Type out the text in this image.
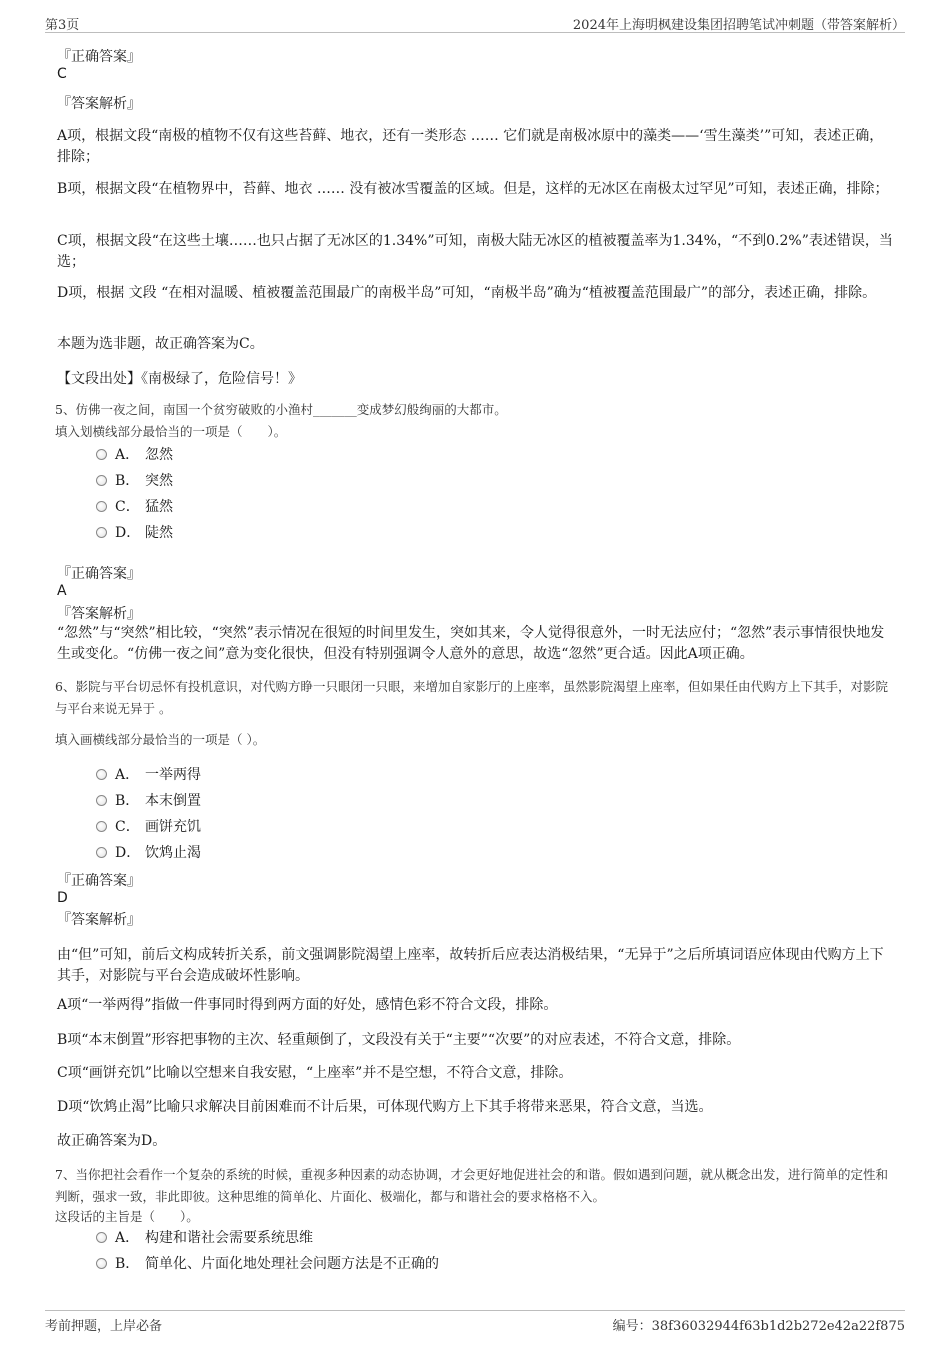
第3页	2024年上海明枫建设集团招聘笔试冲刺题（带答案解析）
『正确答案』
C
『答案解析』
A项，根据文段“南极的植物不仅有这些苔藓、地衣，还有一类形态 …… 它们就是南极冰原中的藻类——‘雪生藻类’”可知，表述正确，排除；
B项，根据文段“在植物界中，苔藓、地衣 …… 没有被冰雪覆盖的区域。但是，这样的无冰区在南极太过罕见”可知，表述正确，排除；
C项，根据文段“在这些土壤……也只占据了无冰区的1.34%”可知，南极大陆无冰区的植被覆盖率为1.34%，“不到0.2%”表述错误，当选；
D项，根据 文段 “在相对温暖、植被覆盖范围最广的南极半岛”可知，“南极半岛”确为“植被覆盖范围最广”的部分，表述正确，排除。
本题为选非题，故正确答案为C。
【文段出处】《南极绿了，危险信号！》
5、仿佛一夜之间，南国一个贫穷破败的小渔村_______变成梦幻般绚丽的大都市。
填入划横线部分最恰当的一项是（　　）。
A． 忽然
B． 突然
C． 猛然
D． 陡然
『正确答案』
A
『答案解析』
“忽然”与“突然”相比较，“突然”表示情况在很短的时间里发生，突如其来，令人觉得很意外，一时无法应付；“忽然”表示事情很快地发生或变化。“仿佛一夜之间”意为变化很快，但没有特别强调令人意外的意思，故选“忽然”更合适。因此A项正确。
6、影院与平台切忌怀有投机意识，对代购方睁一只眼闭一只眼，来增加自家影厅的上座率，虽然影院渴望上座率，但如果任由代购方上下其手，对影院与平台来说无异于 。
填入画横线部分最恰当的一项是（ ）。
A． 一举两得
B． 本末倒置
C． 画饼充饥
D． 饮鸩止渴
『正确答案』
D
『答案解析』
由“但”可知，前后文构成转折关系，前文强调影院渴望上座率，故转折后应表达消极结果，“无异于”之后所填词语应体现由代购方上下其手，对影院与平台会造成破坏性影响。
A项“一举两得”指做一件事同时得到两方面的好处，感情色彩不符合文段，排除。
B项“本末倒置”形容把事物的主次、轻重颠倒了，文段没有关于“主要”“次要”的对应表述，不符合文意，排除。
C项“画饼充饥”比喻以空想来自我安慰，“上座率”并不是空想，不符合文意，排除。
D项“饮鸩止渴”比喻只求解决目前困难而不计后果，可体现代购方上下其手将带来恶果，符合文意，当选。
故正确答案为D。
7、当你把社会看作一个复杂的系统的时候，重视多种因素的动态协调，才会更好地促进社会的和谐。假如遇到问题，就从概念出发，进行简单的定性和判断，强求一致，非此即彼。这种思维的简单化、片面化、极端化，都与和谐社会的要求格格不入。
这段话的主旨是（　　）。
A． 构建和谐社会需要系统思维
B． 简单化、片面化地处理社会问题方法是不正确的
考前押题，上岸必备	编号：38f36032944f63b1d2b272e42a22f875
